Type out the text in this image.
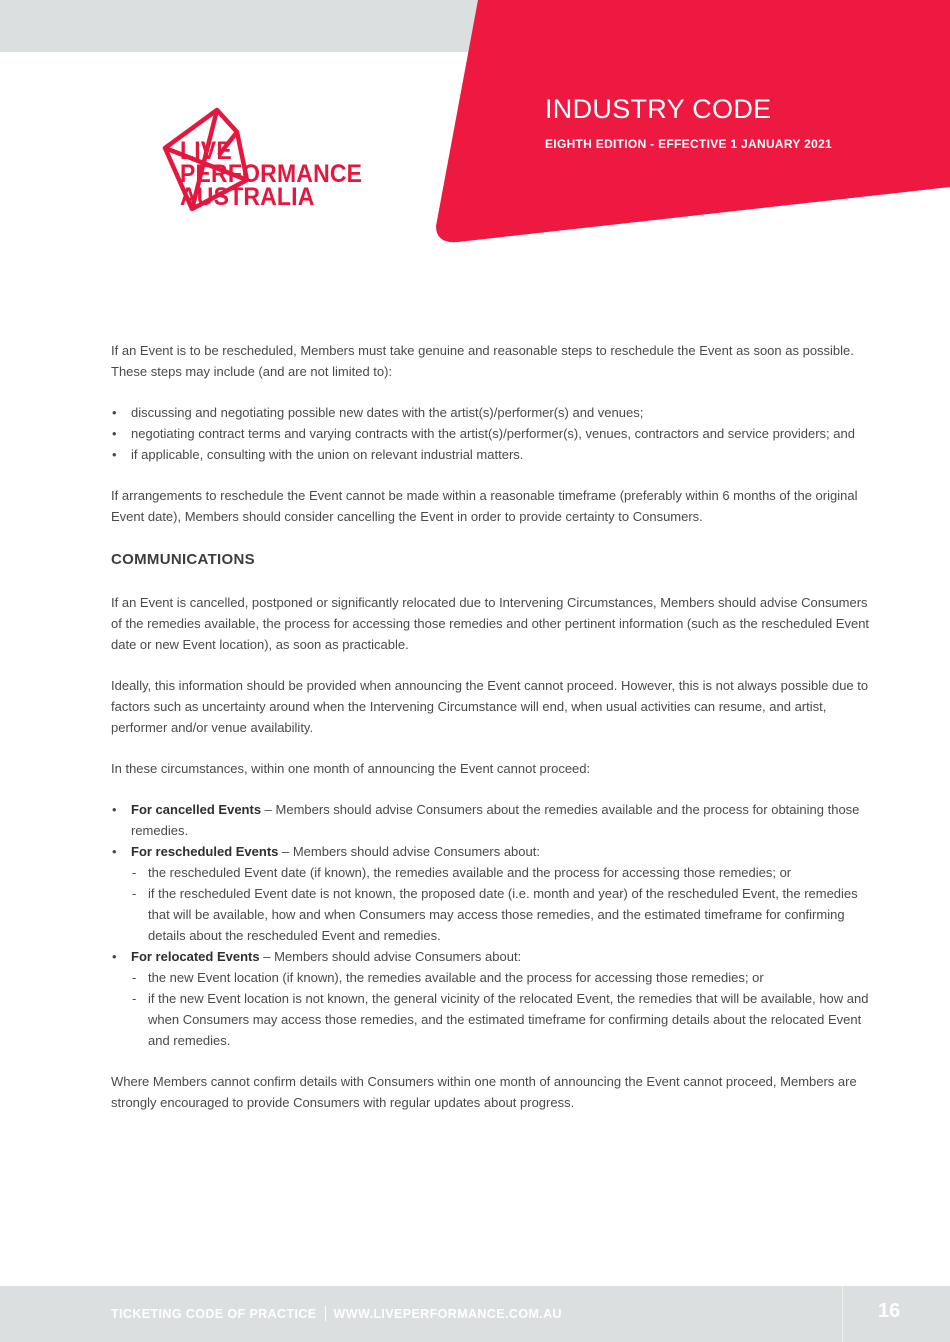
LIVE
PERFORMANCE
AUSTRALIA
INDUSTRY CODE
EIGHTH EDITION - EFFECTIVE 1 JANUARY 2021

If an Event is to be rescheduled, Members must take genuine and reasonable steps to reschedule the Event as soon as possible. These steps may include (and are not limited to):

• discussing and negotiating possible new dates with the artist(s)/performer(s) and venues;
• negotiating contract terms and varying contracts with the artist(s)/performer(s), venues, contractors and service providers; and
• if applicable, consulting with the union on relevant industrial matters.

If arrangements to reschedule the Event cannot be made within a reasonable timeframe (preferably within 6 months of the original Event date), Members should consider cancelling the Event in order to provide certainty to Consumers.

COMMUNICATIONS

If an Event is cancelled, postponed or significantly relocated due to Intervening Circumstances, Members should advise Consumers of the remedies available, the process for accessing those remedies and other pertinent information (such as the rescheduled Event date or new Event location), as soon as practicable.

Ideally, this information should be provided when announcing the Event cannot proceed. However, this is not always possible due to factors such as uncertainty around when the Intervening Circumstance will end, when usual activities can resume, and artist, performer and/or venue availability.

In these circumstances, within one month of announcing the Event cannot proceed:

• For cancelled Events – Members should advise Consumers about the remedies available and the process for obtaining those remedies.
• For rescheduled Events – Members should advise Consumers about:
- the rescheduled Event date (if known), the remedies available and the process for accessing those remedies; or
- if the rescheduled Event date is not known, the proposed date (i.e. month and year) of the rescheduled Event, the remedies that will be available, how and when Consumers may access those remedies, and the estimated timeframe for confirming details about the rescheduled Event and remedies.
• For relocated Events – Members should advise Consumers about:
- the new Event location (if known), the remedies available and the process for accessing those remedies; or
- if the new Event location is not known, the general vicinity of the relocated Event, the remedies that will be available, how and when Consumers may access those remedies, and the estimated timeframe for confirming details about the relocated Event and remedies.

Where Members cannot confirm details with Consumers within one month of announcing the Event cannot proceed, Members are strongly encouraged to provide Consumers with regular updates about progress.

TICKETING CODE OF PRACTICE WWW.LIVEPERFORMANCE.COM.AU	16
